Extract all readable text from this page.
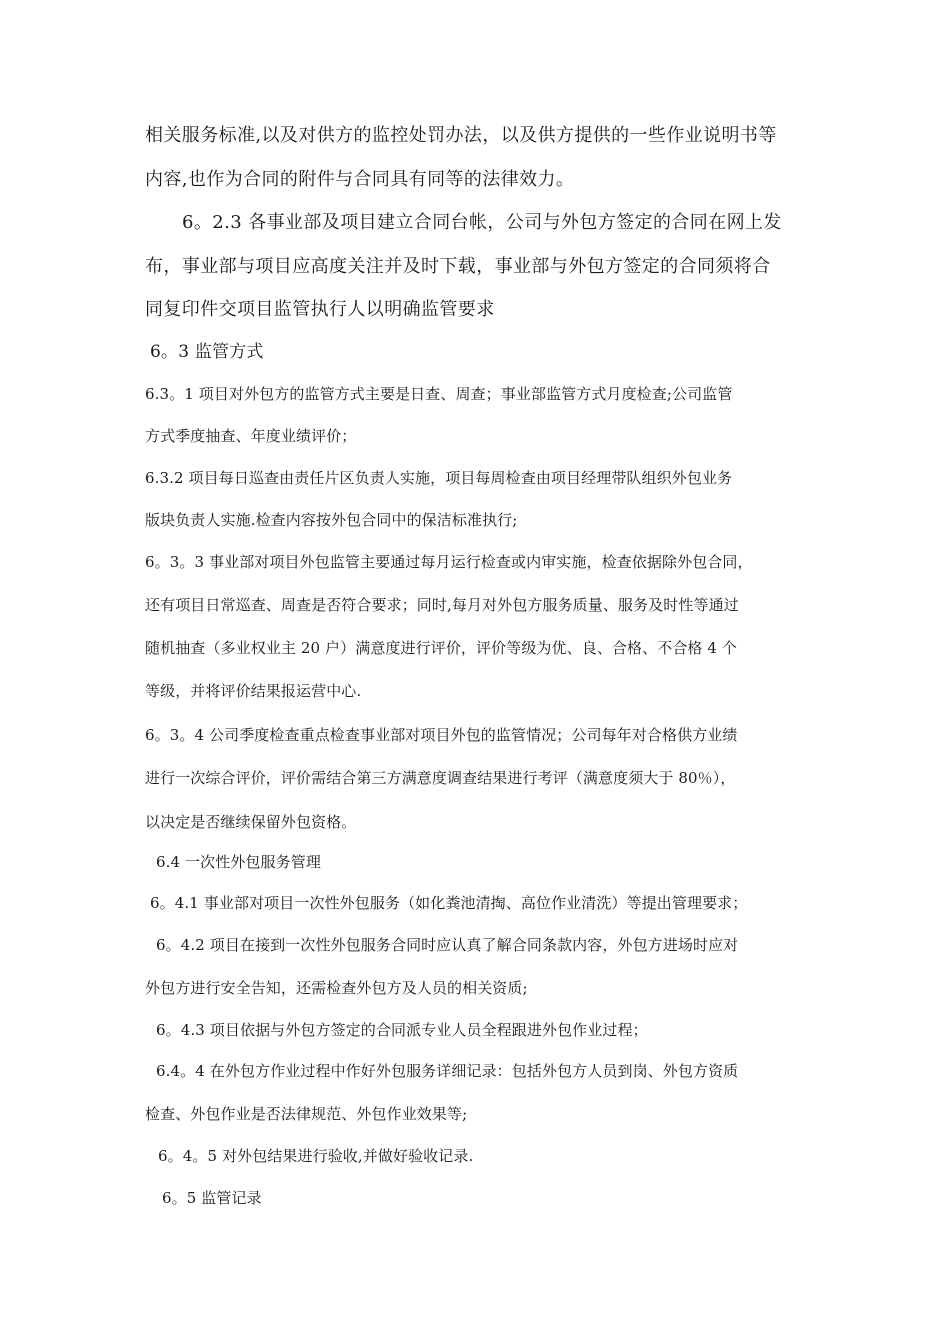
相关服务标准,以及对供方的监控处罚办法，以及供方提供的一些作业说明书等
内容,也作为合同的附件与合同具有同等的法律效力。
6。2.3 各事业部及项目建立合同台帐，公司与外包方签定的合同在网上发
布，事业部与项目应高度关注并及时下载，事业部与外包方签定的合同须将合
同复印件交项目监管执行人以明确监管要求
6。3 监管方式
6.3。1 项目对外包方的监管方式主要是日查、周查；事业部监管方式月度检查;公司监管
方式季度抽查、年度业绩评价；
6.3.2 项目每日巡查由责任片区负责人实施，项目每周检查由项目经理带队组织外包业务
版块负责人实施.检查内容按外包合同中的保洁标准执行;
6。3。3 事业部对项目外包监管主要通过每月运行检查或内审实施，检查依据除外包合同，
还有项目日常巡查、周查是否符合要求；同时,每月对外包方服务质量、服务及时性等通过
随机抽查（多业权业主 20 户）满意度进行评价，评价等级为优、良、合格、不合格 4 个
等级，并将评价结果报运营中心.
6。3。4 公司季度检查重点检查事业部对项目外包的监管情况；公司每年对合格供方业绩
进行一次综合评价，评价需结合第三方满意度调查结果进行考评（满意度须大于 80％），
以决定是否继续保留外包资格。
6.4 一次性外包服务管理
6。4.1 事业部对项目一次性外包服务（如化粪池清掏、高位作业清洗）等提出管理要求；
6。4.2 项目在接到一次性外包服务合同时应认真了解合同条款内容，外包方进场时应对
外包方进行安全告知，还需检查外包方及人员的相关资质;
6。4.3 项目依据与外包方签定的合同派专业人员全程跟进外包作业过程；
6.4。4 在外包方作业过程中作好外包服务详细记录：包括外包方人员到岗、外包方资质
检查、外包作业是否法律规范、外包作业效果等;
6。4。5 对外包结果进行验收,并做好验收记录.
6。5 监管记录
